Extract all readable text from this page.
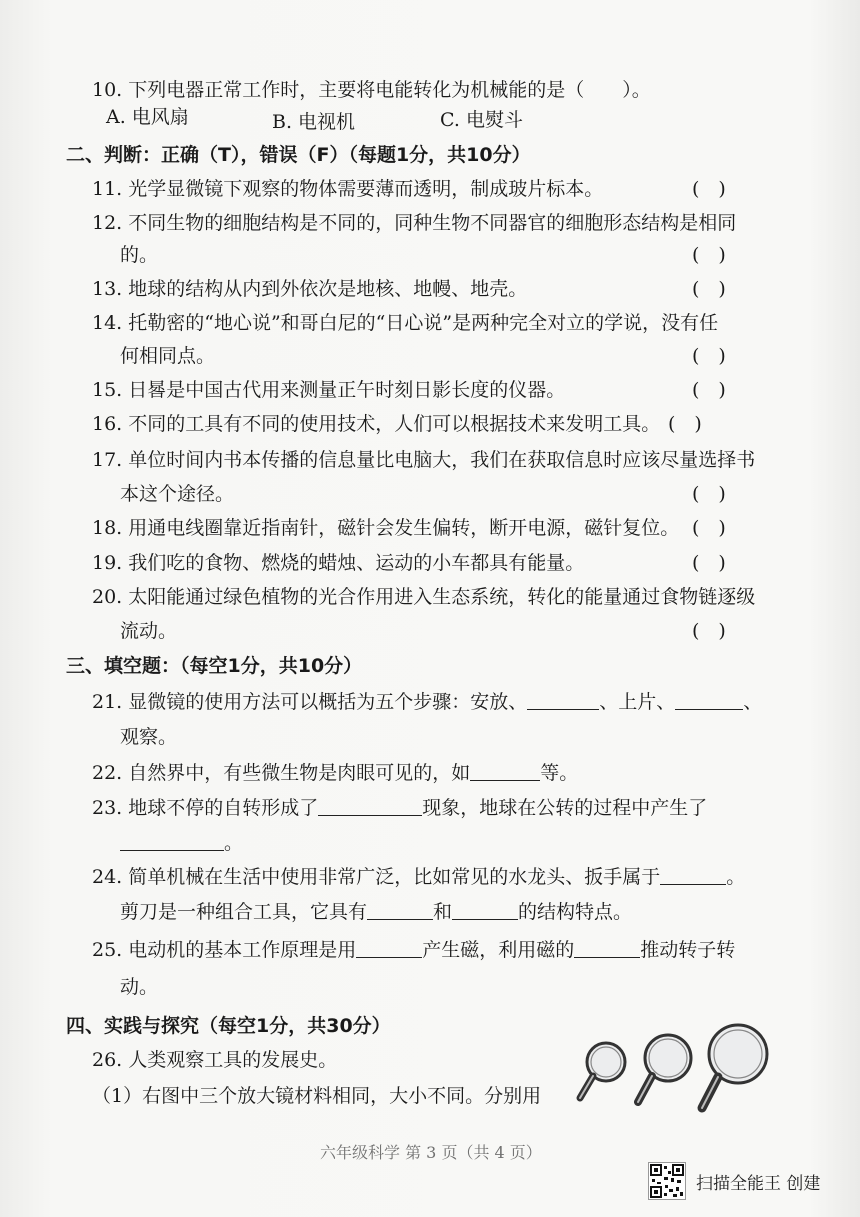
10. 下列电器正常工作时，主要将电能转化为机械能的是（　　）。
A. 电风扇	B. 电视机	C. 电熨斗
二、判断：正确（T），错误（F）（每题1分，共10分）
11. 光学显微镜下观察的物体需要薄而透明，制成玻片标本。	(　)
12. 不同生物的细胞结构是不同的，同种生物不同器官的细胞形态结构是相同
的。	(　)
13. 地球的结构从内到外依次是地核、地幔、地壳。	(　)
14. 托勒密的“地心说”和哥白尼的“日心说”是两种完全对立的学说，没有任
何相同点。	(　)
15. 日晷是中国古代用来测量正午时刻日影长度的仪器。	(　)
16. 不同的工具有不同的使用技术，人们可以根据技术来发明工具。 (　)
17. 单位时间内书本传播的信息量比电脑大，我们在获取信息时应该尽量选择书
本这个途径。	(　)
18. 用通电线圈靠近指南针，磁针会发生偏转，断开电源，磁针复位。 (　)
19. 我们吃的食物、燃烧的蜡烛、运动的小车都具有能量。	(　)
20. 太阳能通过绿色植物的光合作用进入生态系统，转化的能量通过食物链逐级
流动。	(　)
三、填空题：（每空1分，共10分）
21. 显微镜的使用方法可以概括为五个步骤：安放、	、上片、	、
观察。
22. 自然界中，有些微生物是肉眼可见的，如	等。
23. 地球不停的自转形成了	现象，地球在公转的过程中产生了
。
24. 简单机械在生活中使用非常广泛，比如常见的水龙头、扳手属于	。
剪刀是一种组合工具，它具有	和	的结构特点。
25. 电动机的基本工作原理是用	产生磁，利用磁的	推动转子转
动。
四、实践与探究（每空1分，共30分）
26. 人类观察工具的发展史。
（1）右图中三个放大镜材料相同，大小不同。分别用
六年级科学 第 3 页（共 4 页）
扫描全能王 创建
